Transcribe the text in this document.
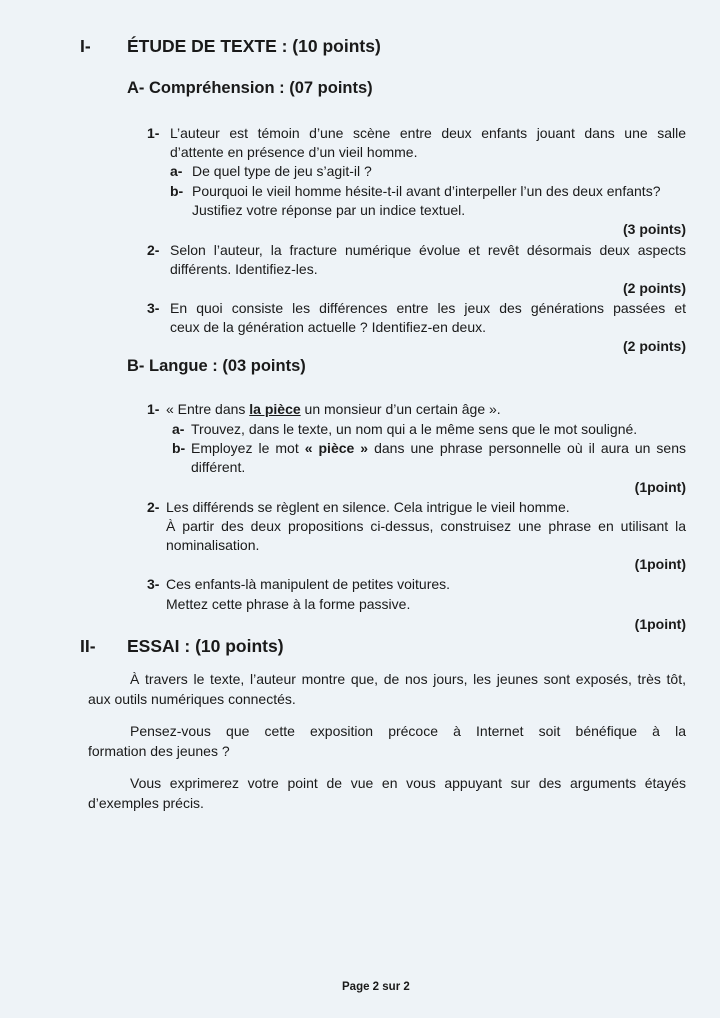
I- ÉTUDE DE TEXTE : (10 points)
A- Compréhension : (07 points)
1- L’auteur est témoin d’une scène entre deux enfants jouant dans une salle
d’attente en présence d’un vieil homme.
a- De quel type de jeu s’agit-il ?
b- Pourquoi le vieil homme hésite-t-il avant d’interpeller l’un des deux enfants?
Justifiez votre réponse par un indice textuel.
(3 points)
2- Selon l’auteur, la fracture numérique évolue et revêt désormais deux aspects
différents. Identifiez-les.
(2 points)
3- En quoi consiste les différences entre les jeux des générations passées et
ceux de la génération actuelle ? Identifiez-en deux.
(2 points)
B- Langue : (03 points)
1- « Entre dans la pièce un monsieur d’un certain âge ».
a- Trouvez, dans le texte, un nom qui a le même sens que le mot souligné.
b- Employez le mot « pièce » dans une phrase personnelle où il aura un sens
différent.
(1point)
2- Les différends se règlent en silence. Cela intrigue le vieil homme.
À partir des deux propositions ci-dessus, construisez une phrase en utilisant la
nominalisation.
(1point)
3- Ces enfants-là manipulent de petites voitures.
Mettez cette phrase à la forme passive.
(1point)
II- ESSAI : (10 points)
À travers le texte, l’auteur montre que, de nos jours, les jeunes sont exposés, très tôt,
aux outils numériques connectés.
Pensez-vous que cette exposition précoce à Internet soit bénéfique à la
formation des jeunes ?
Vous exprimerez votre point de vue en vous appuyant sur des arguments étayés
d’exemples précis.
Page 2 sur 2
